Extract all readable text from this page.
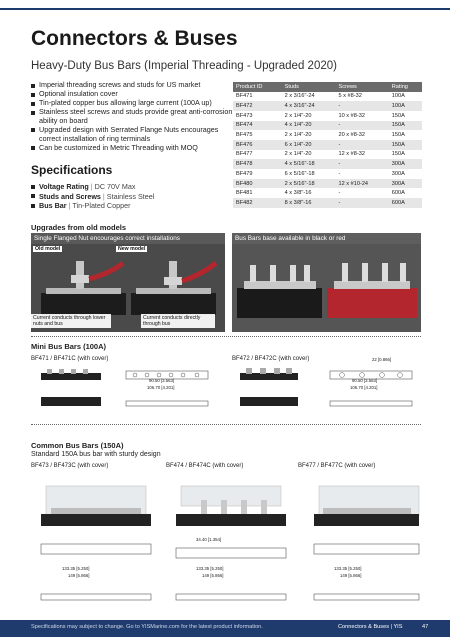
Connectors & Buses
Heavy-Duty Bus Bars (Imperial Threading - Upgraded 2020)
Imperial threading screws and studs for US market
Optional insulation cover
Tin-plated copper bus allowing large current (100A up)
Stainless steel screws and studs provide great anti-corrosion ability on board
Upgraded design with Serrated Flange Nuts encourages correct installation of ring terminals
Can be customized in Metric Threading with MOQ
Specifications
Voltage Rating | DC 70V Max
Studs and Screws | Stainless Steel
Bus Bar | Tin-Plated Copper
Product ID	Studs	Screws	Rating
BF471	2 x 3/16"-24	5 x #8-32	100A
BF472	4 x 3/16"-24	-	100A
BF473	2 x 1/4"-20	10 x #8-32	150A
BF474	4 x 1/4"-20	-	150A
BF475	2 x 1/4"-20	20 x #8-32	150A
BF476	6 x 1/4"-20	-	150A
BF477	2 x 1/4"-20	12 x #8-32	150A
BF478	4 x 5/16"-18	-	300A
BF479	6 x 5/16"-18	-	300A
BF480	2 x 5/16"-18	12 x #10-24	300A
BF481	4 x 3/8"-16	-	600A
BF482	8 x 3/8"-16	-	600A
Upgrades from old models
Single Flanged Nut encourages correct installations
Old model	New model
Current conducts through lower nuts and bus
Current conducts directly through bus
Bus Bars base available in black or red
Mini Bus Bars (100A)
BF471 / BF471C (with cover)	BF472 / BF472C (with cover)
90.50 [3.563]
106.70 [4.201]
22 [0.866]
90.50 [3.563]
106.70 [4.201]
Common Bus Bars (150A)
Standard 150A bus bar with sturdy design
BF473 / BF473C (with cover)	BF474 / BF474C (with cover)	BF477 / BF477C (with cover)
133.35 [5.250]
149 [5.866]
34.40 [1.354]
133.35 [5.250]
149 [5.866]
133.35 [5.250]
149 [5.866]
Specifications may subject to change. Go to YISMarine.com for the latest product information.	Connectors & Buses | YIS	47
